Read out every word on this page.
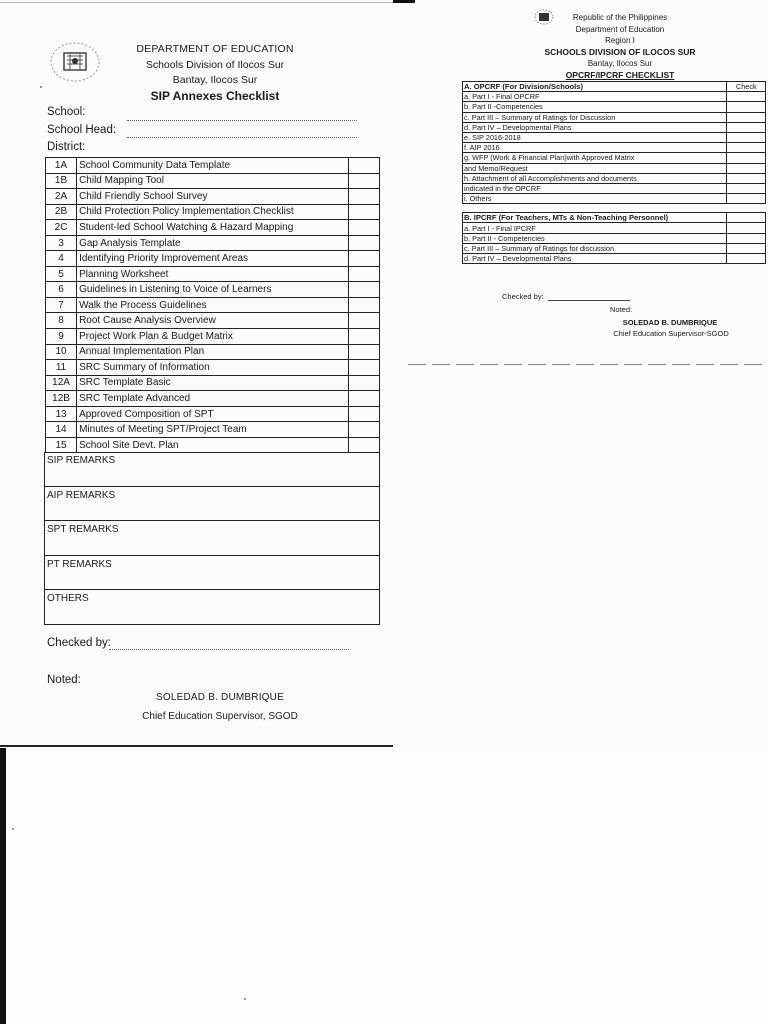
DEPARTMENT OF EDUCATION
Schools Division of Ilocos Sur
Bantay, Ilocos Sur
SIP Annexes Checklist
School:
School Head:
District:
1A	School Community Data Template	
1B	Child Mapping Tool	
2A	Child Friendly School Survey	
2B	Child Protection Policy Implementation Checklist	
2C	Student-led School Watching & Hazard Mapping	
3	Gap Analysis Template	
4	Identifying Priority Improvement Areas	
5	Planning Worksheet	
6	Guidelines in Listening to Voice of Learners	
7	Walk the Process Guidelines	
8	Root Cause Analysis Overview	
9	Project Work Plan & Budget Matrix	
10	Annual Implementation Plan	
11	SRC Summary of Information	
12A	SRC Template Basic	
12B	SRC Template Advanced	
13	Approved Composition of SPT	
14	Minutes of Meeting SPT/Project Team	
15	School Site Devt. Plan	
SIP REMARKS
AIP REMARKS
SPT REMARKS
PT REMARKS
OTHERS
Checked by:
Noted:
SOLEDAD B. DUMBRIQUE
Chief Education Supervisor, SGOD
Republic of the Philippines
Department of Education
Region I
SCHOOLS DIVISION OF ILOCOS SUR
Bantay, Ilocos Sur
OPCRF/IPCRF CHECKLIST
A. OPCRF (For Division/Schools)	Check
a. Part I - Final OPCRF	
b. Part II -Competencies	
c. Part III – Summary of Ratings for Discussion	
d. Part IV – Developmental Plans	
e. SIP 2016-2018	
f. AIP 2016	
g. WFP (Work & Financial Plan)with Approved Matrix	
and Memo/Request	
h. Attachment of all Accomplishments and documents	
indicated in the OPCRF	
i. Others	

B. IPCRF (For Teachers, MTs & Non-Teaching Personnel)	
a. Part I - Final IPCRF	
b. Part II - Competencies	
c. Part III – Summary of Ratings for discussion	
d. Part IV – Developmental Plans	
Checked by:
Noted:
SOLEDAD B. DUMBRIQUE
Chief Education Supervisor-SGOD
